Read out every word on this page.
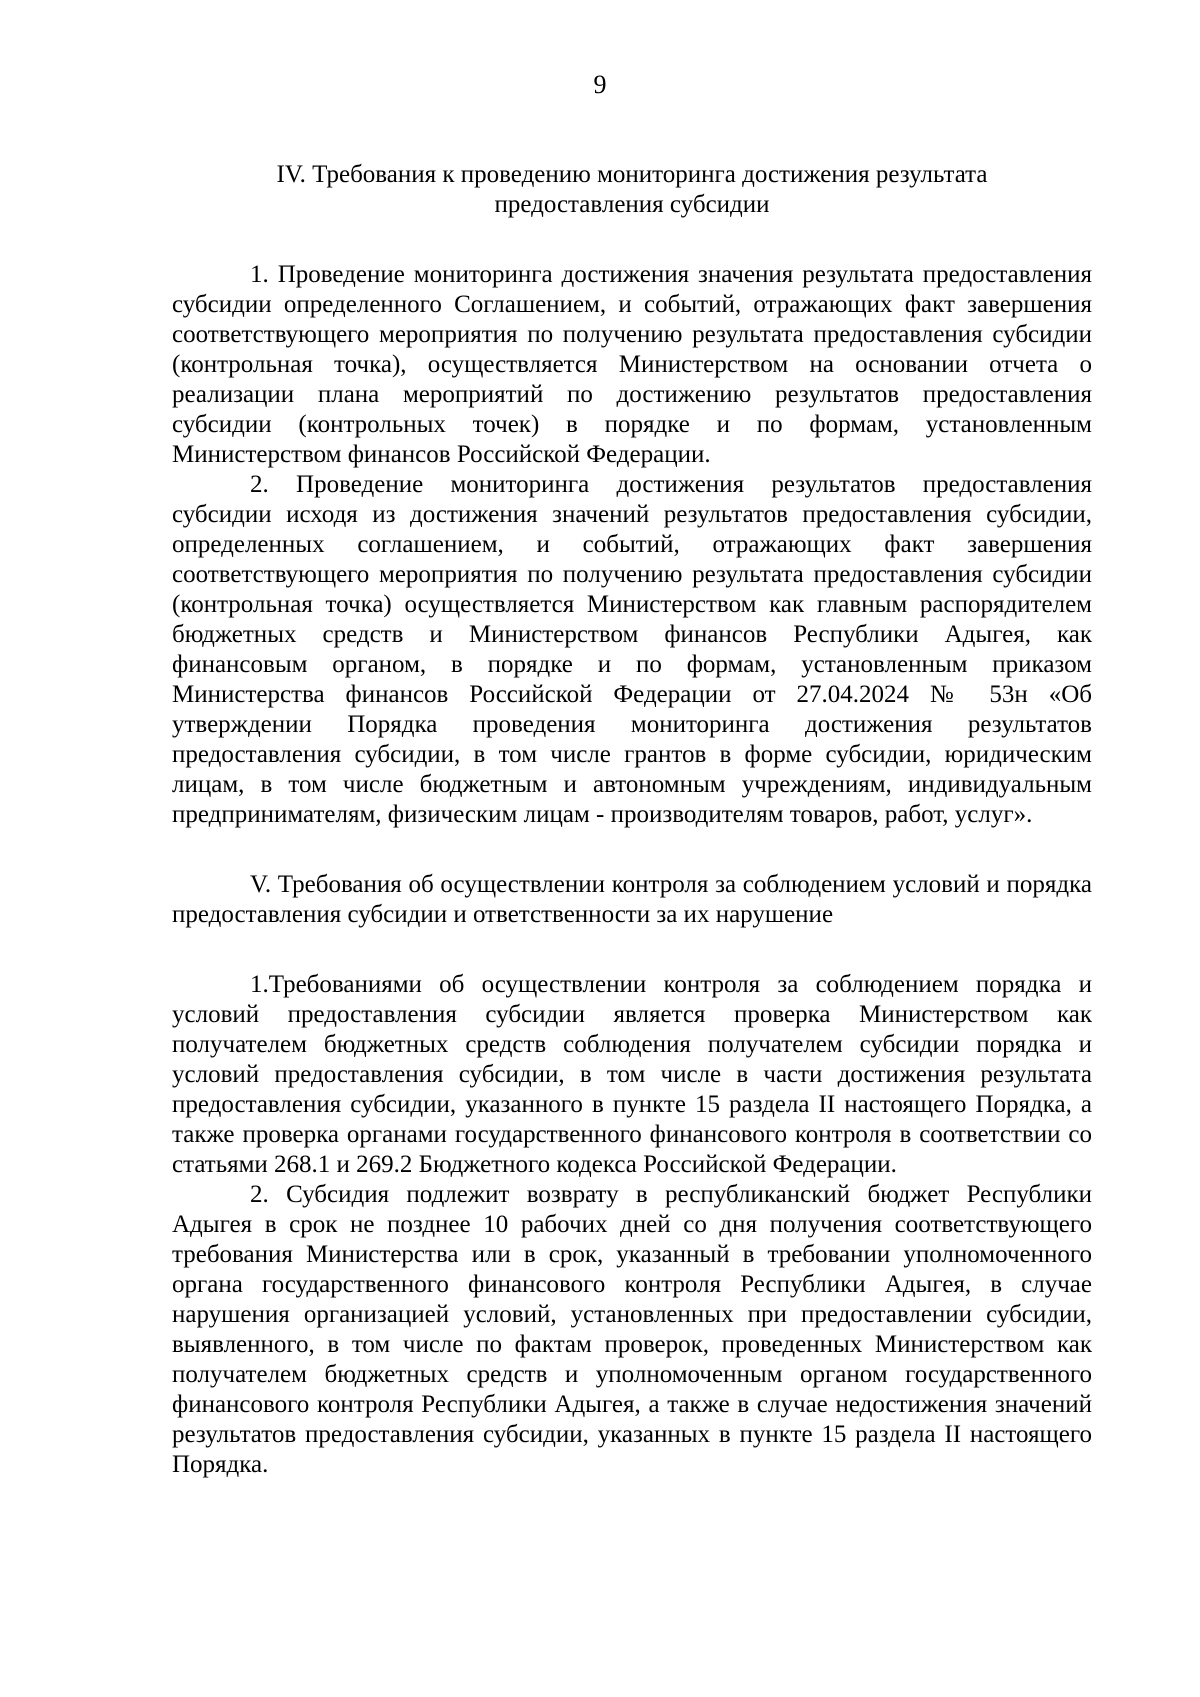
9

IV. Требования к проведению мониторинга достижения результата

предоставления субсидии

1. Проведение мониторинга достижения значения результата предоставления субсидии определенного Соглашением, и событий, отражающих факт завершения соответствующего мероприятия по получению результата предоставления субсидии (контрольная точка), осуществляется Министерством на основании отчета о реализации плана мероприятий по достижению результатов предоставления субсидии (контрольных точек) в порядке и по формам, установленным Министерством финансов Российской Федерации.

2. Проведение мониторинга достижения результатов предоставления субсидии исходя из достижения значений результатов предоставления субсидии, определенных соглашением, и событий, отражающих факт завершения соответствующего мероприятия по получению результата предоставления субсидии (контрольная точка) осуществляется Министерством как главным распорядителем бюджетных средств и Министерством финансов Республики Адыгея, как финансовым органом, в порядке и по формам, установленным приказом Министерства финансов Российской Федерации от 27.04.2024 № 53н «Об утверждении Порядка проведения мониторинга достижения результатов предоставления субсидии, в том числе грантов в форме субсидии, юридическим лицам, в том числе бюджетным и автономным учреждениям, индивидуальным предпринимателям, физическим лицам - производителям товаров, работ, услуг».

V. Требования об осуществлении контроля за соблюдением условий и порядка предоставления субсидии и ответственности за их нарушение

1.Требованиями об осуществлении контроля за соблюдением порядка и условий предоставления субсидии является проверка Министерством как получателем бюджетных средств соблюдения получателем субсидии порядка и условий предоставления субсидии, в том числе в части достижения результата предоставления субсидии, указанного в пункте 15 раздела II настоящего Порядка, а также проверка органами государственного финансового контроля в соответствии со статьями 268.1 и 269.2 Бюджетного кодекса Российской Федерации.

2. Субсидия подлежит возврату в республиканский бюджет Республики Адыгея в срок не позднее 10 рабочих дней со дня получения соответствующего требования Министерства или в срок, указанный в требовании уполномоченного органа государственного финансового контроля Республики Адыгея, в случае нарушения организацией условий, установленных при предоставлении субсидии, выявленного, в том числе по фактам проверок, проведенных Министерством как получателем бюджетных средств и уполномоченным органом государственного финансового контроля Республики Адыгея, а также в случае недостижения значений результатов предоставления субсидии, указанных в пункте 15 раздела II настоящего Порядка.
